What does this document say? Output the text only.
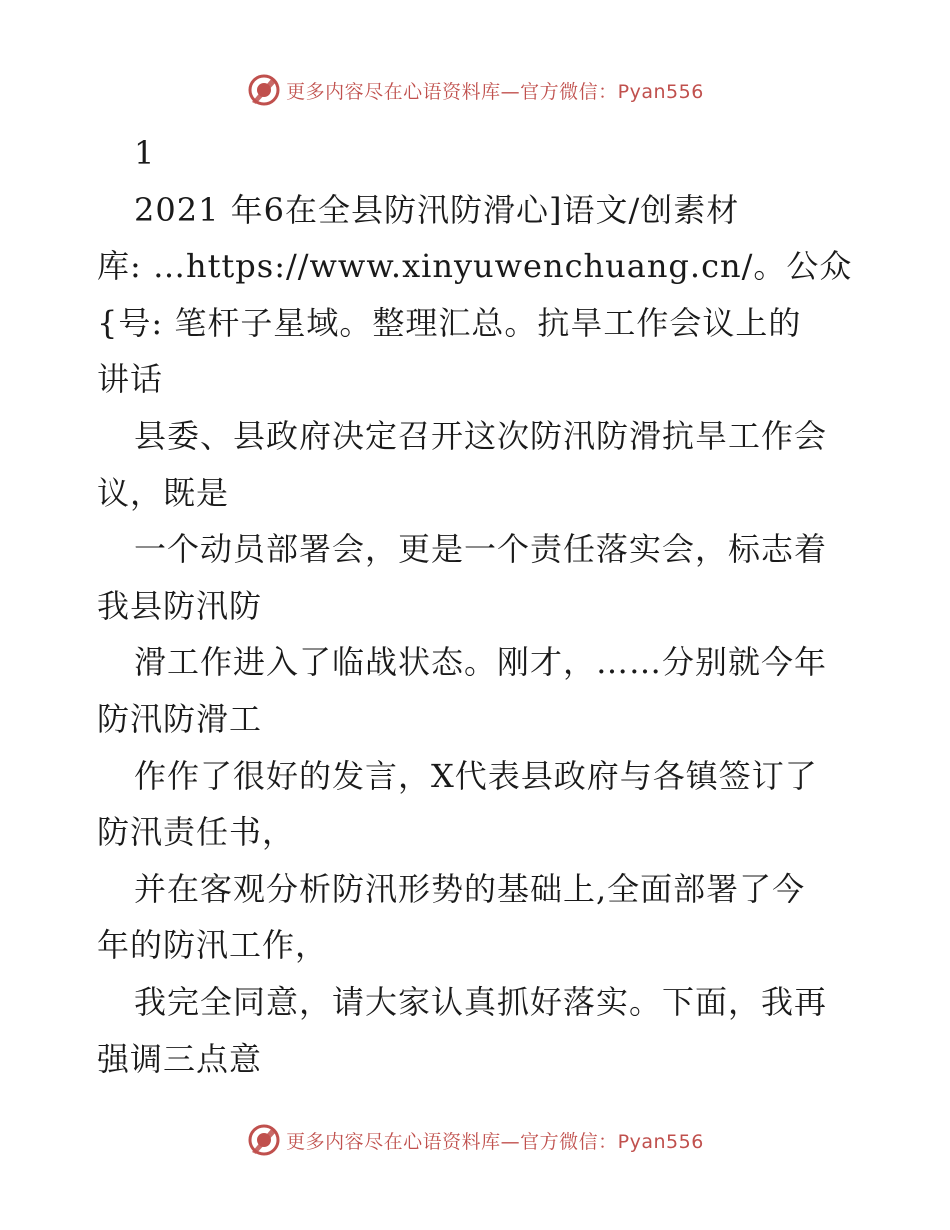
更多内容尽在心语资料库—官方微信：Pyan556
1
2021 年6在全县防汛防滑心]语文/创素材
库: …https://www.xinyuwenchuang.cn/。公众
{号: 笔杆子星域。整理汇总。抗旱工作会议上的
讲话
县委、县政府决定召开这次防汛防滑抗旱工作会
议，既是
一个动员部署会，更是一个责任落实会，标志着
我县防汛防
滑工作进入了临战状态。刚才，……分别就今年
防汛防滑工
作作了很好的发言，X代表县政府与各镇签订了
防汛责任书，
并在客观分析防汛形势的基础上,全面部署了今
年的防汛工作，
我完全同意，请大家认真抓好落实。下面，我再
强调三点意
更多内容尽在心语资料库—官方微信：Pyan556
